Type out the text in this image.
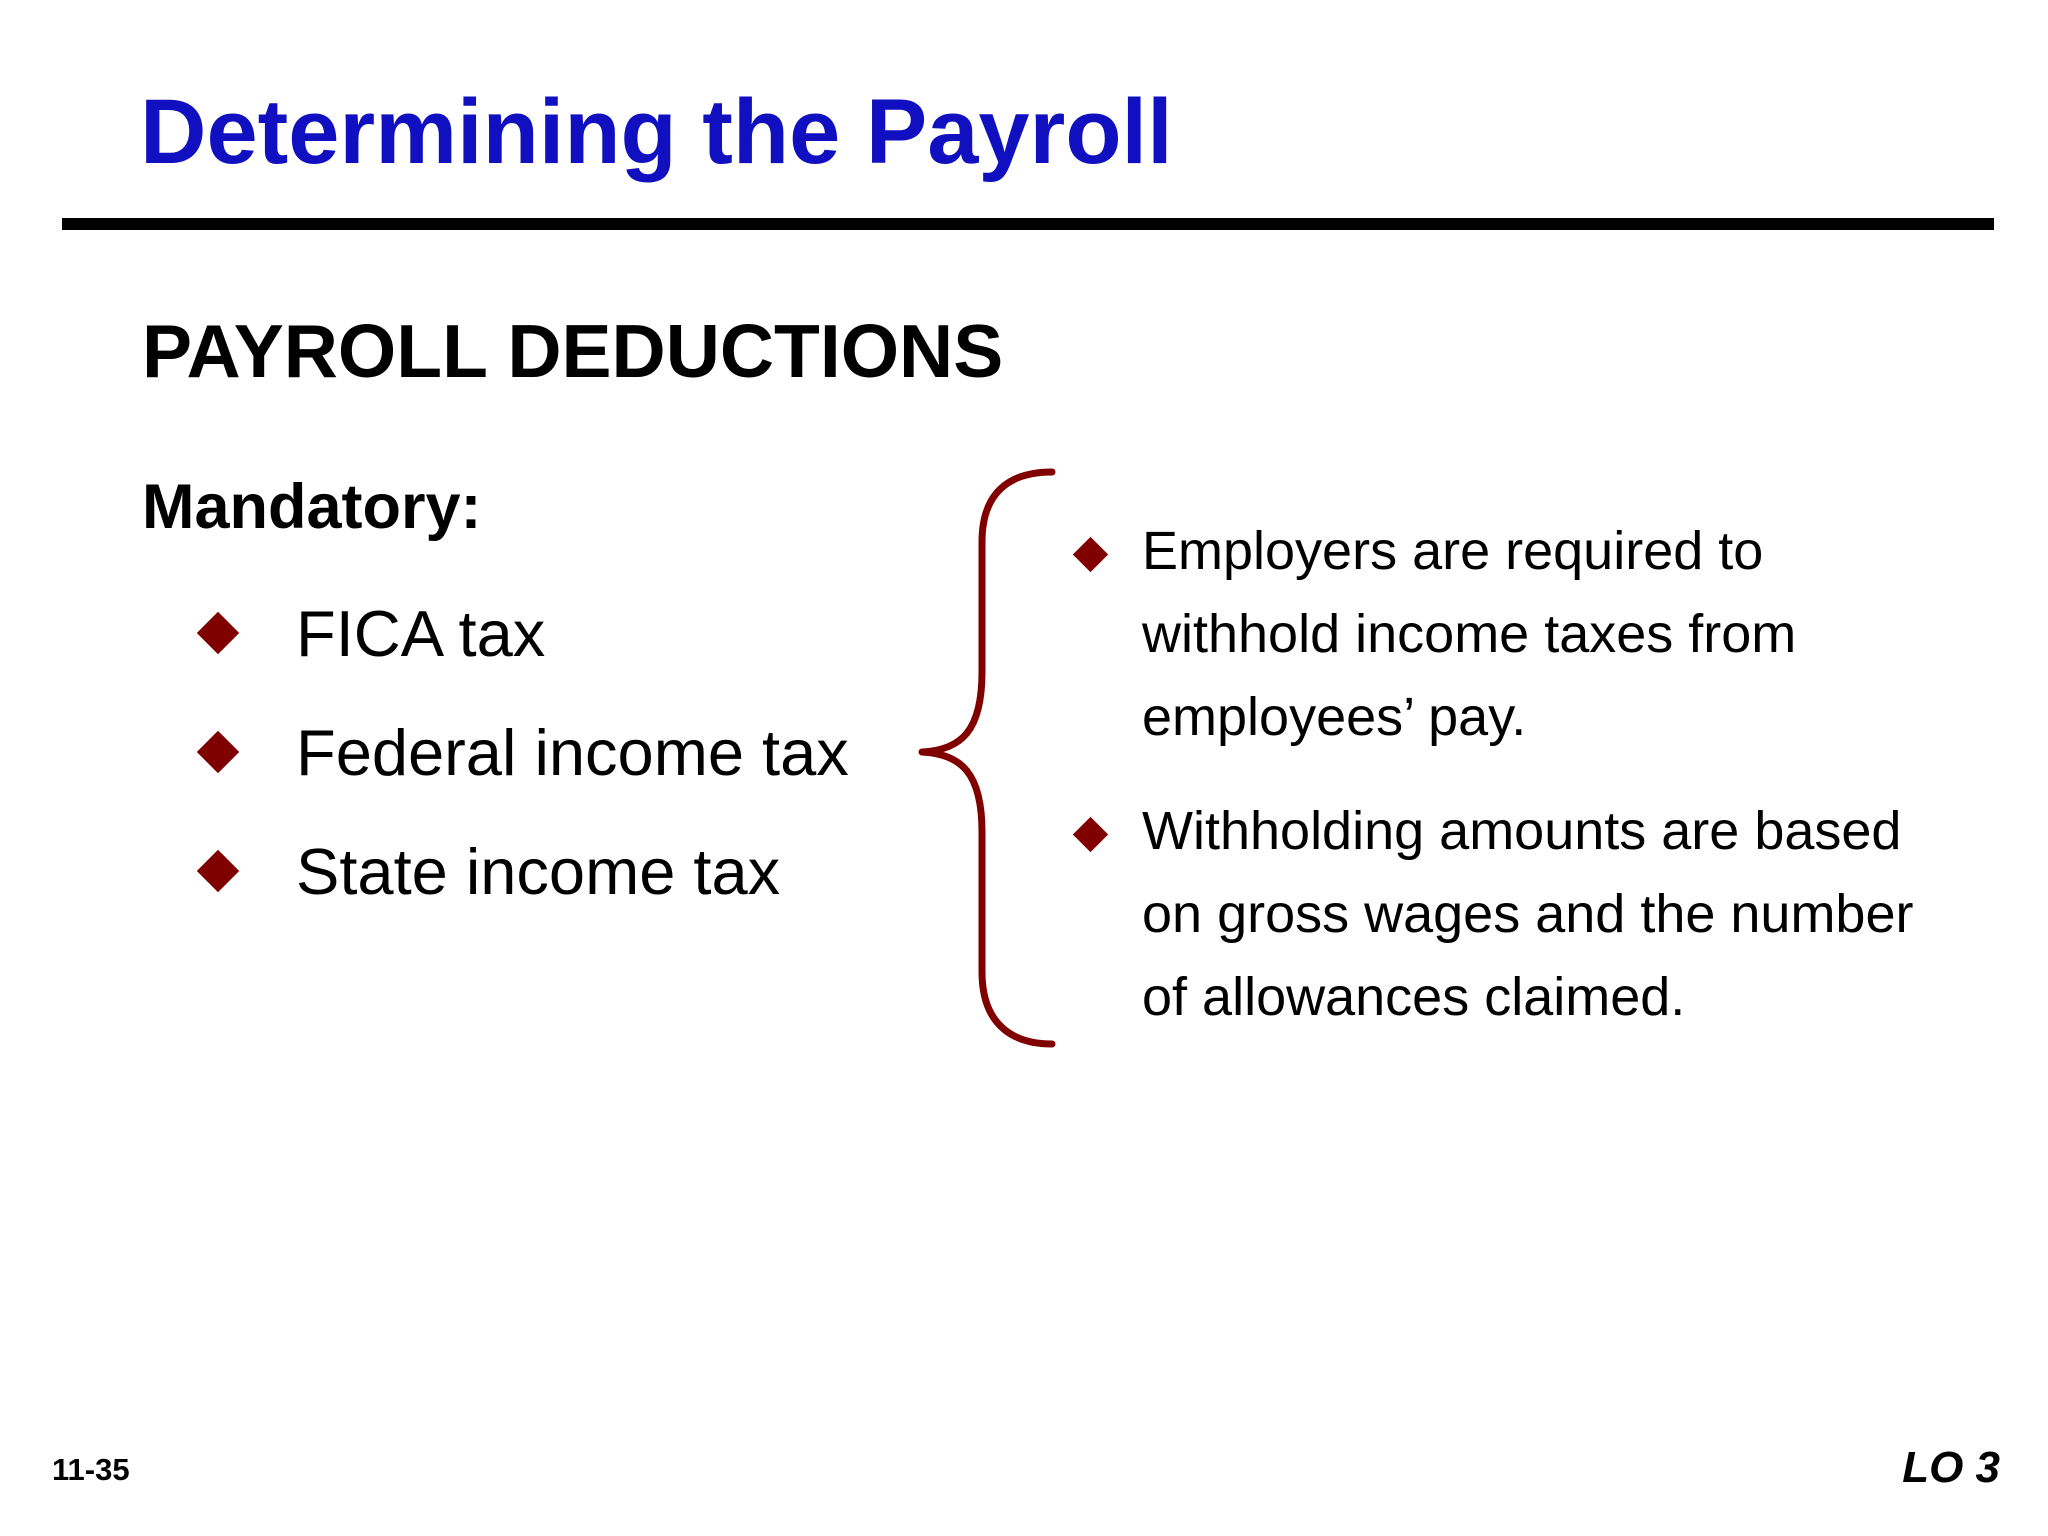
Determining the Payroll
PAYROLL DEDUCTIONS
Mandatory:
FICA tax
Federal income tax
State income tax
Employers are required to
withhold income taxes from
employees’ pay.
Withholding amounts are based
on gross wages and the number
of allowances claimed.
11-35	LO 3
